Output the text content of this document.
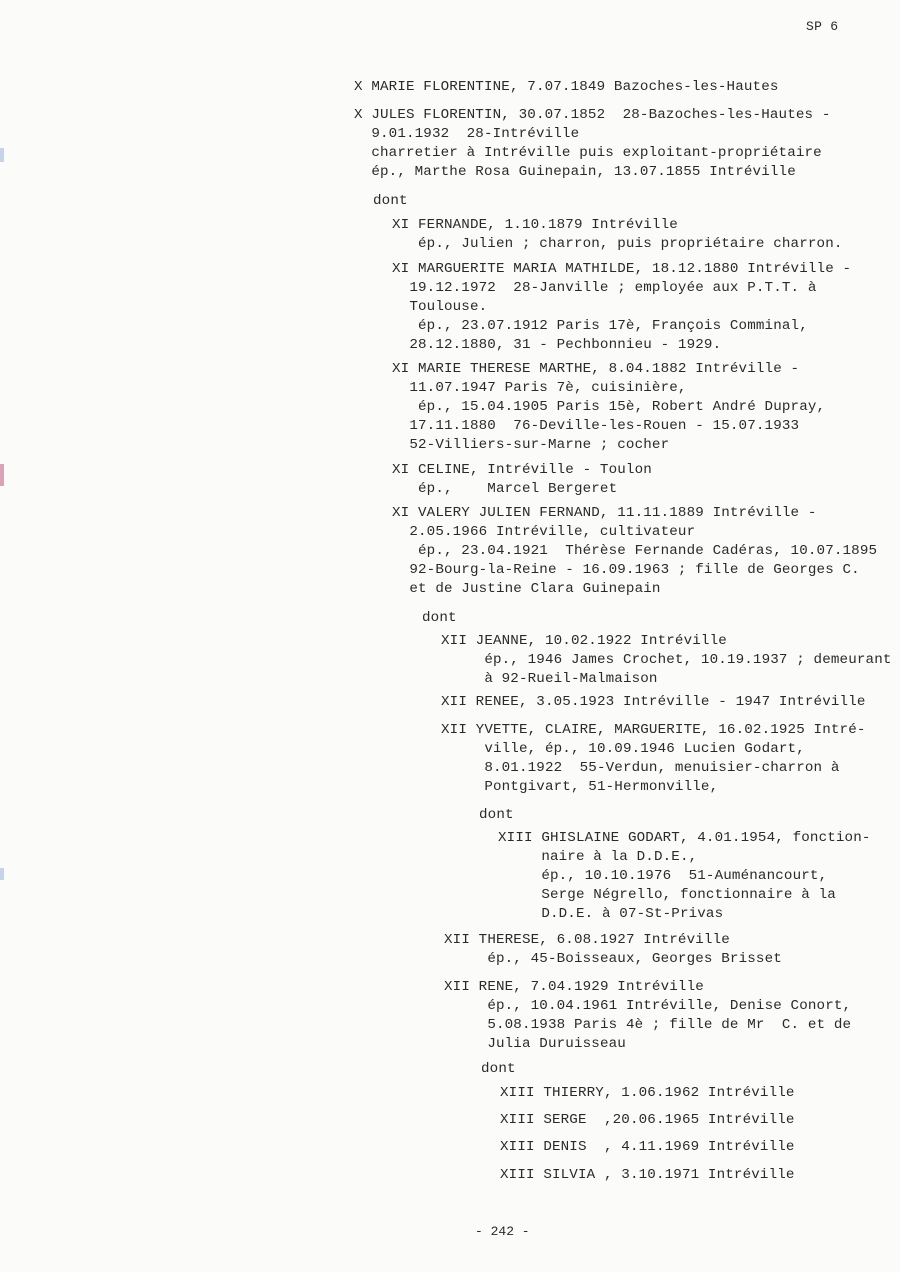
SP 6
X MARIE FLORENTINE, 7.07.1849 Bazoches-les-Hautes
X JULES FLORENTIN, 30.07.1852  28-Bazoches-les-Hautes -
9.01.1932  28-Intréville
charretier à Intréville puis exploitant-propriétaire
ép., Marthe Rosa Guinepain, 13.07.1855 Intréville
dont
XI FERNANDE, 1.10.1879 Intréville
ép., Julien ; charron, puis propriétaire charron.
XI MARGUERITE MARIA MATHILDE, 18.12.1880 Intréville -
19.12.1972  28-Janville ; employée aux P.T.T. à
Toulouse.
ép., 23.07.1912 Paris 17è, François Comminal,
28.12.1880, 31 - Pechbonnieu - 1929.
XI MARIE THERESE MARTHE, 8.04.1882 Intréville -
11.07.1947 Paris 7è, cuisinière,
ép., 15.04.1905 Paris 15è, Robert André Dupray,
17.11.1880  76-Deville-les-Rouen - 15.07.1933
52-Villiers-sur-Marne ; cocher
XI CELINE, Intréville - Toulon
ép.,    Marcel Bergeret
XI VALERY JULIEN FERNAND, 11.11.1889 Intréville -
2.05.1966 Intréville, cultivateur
ép., 23.04.1921  Thérèse Fernande Cadéras, 10.07.1895
92-Bourg-la-Reine - 16.09.1963 ; fille de Georges C.
et de Justine Clara Guinepain
dont
XII JEANNE, 10.02.1922 Intréville
ép., 1946 James Crochet, 10.19.1937 ; demeurant
à 92-Rueil-Malmaison
XII RENEE, 3.05.1923 Intréville - 1947 Intréville
XII YVETTE, CLAIRE, MARGUERITE, 16.02.1925 Intré-
ville, ép., 10.09.1946 Lucien Godart,
8.01.1922  55-Verdun, menuisier-charron à
Pontgivart, 51-Hermonville,
dont
XIII GHISLAINE GODART, 4.01.1954, fonction-
naire à la D.D.E.,
ép., 10.10.1976  51-Auménancourt,
Serge Négrello, fonctionnaire à la
D.D.E. à 07-St-Privas
XII THERESE, 6.08.1927 Intréville
ép., 45-Boisseaux, Georges Brisset
XII RENE, 7.04.1929 Intréville
ép., 10.04.1961 Intréville, Denise Conort,
5.08.1938 Paris 4è ; fille de Mr  C. et de
Julia Duruisseau
dont
XIII THIERRY, 1.06.1962 Intréville
XIII SERGE  ,20.06.1965 Intréville
XIII DENIS  , 4.11.1969 Intréville
XIII SILVIA , 3.10.1971 Intréville
- 242 -
